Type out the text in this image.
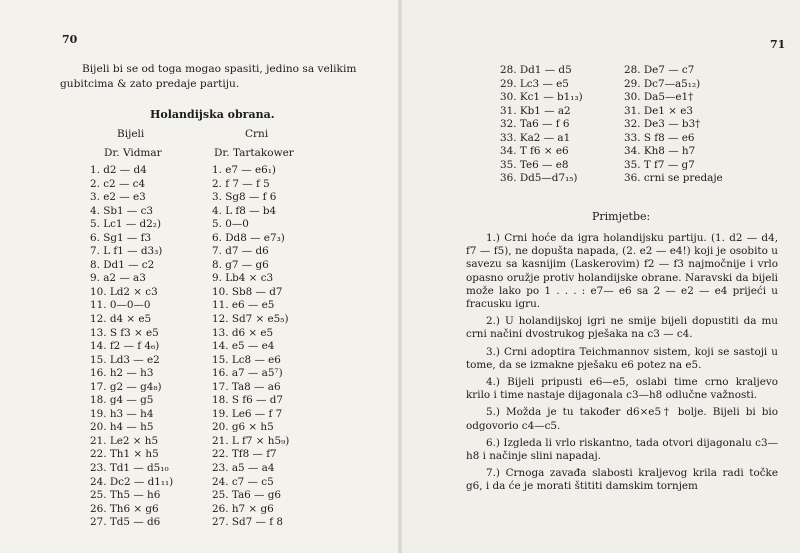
70

Bijeli bi se od toga mogao spasiti, jedino sa velikim gubitcima & zato predaje partiju.

Holandijska obrana.
Bijeli	Crni
Dr. Vidmar	Dr. Tartakower
1. d2 — d4
2. c2 — c4
3. e2 — e3
4. Sb1 — c3
5. Lc1 — d2₂)
6. Sg1 — f3
7. L f1 — d3₃)
8. Dd1 — c2
9. a2 — a3
10. Ld2 × c3
11. 0—0—0
12. d4 × e5
13. S f3 × e5
14. f2 — f 4₆)
15. Ld3 — e2
16. h2 — h3
17. g2 — g4₈)
18. g4 — g5
19. h3 — h4
20. h4 — h5
21. Le2 × h5
22. Th1 × h5
23. Td1 — d5₁₀
24. Dc2 — d1₁₁)
25. Th5 — h6
26. Th6 × g6
27. Td5 — d6
1. e7 — e6₁)
2. f 7 — f 5
3. Sg8 — f 6
4. L f8 — b4
5. 0—0
6. Dd8 — e7₃)
7. d7 — d6
8. g7 — g6
9. Lb4 × c3
10. Sb8 — d7
11. e6 — e5
12. Sd7 × e5₅)
13. d6 × e5
14. e5 — e4
15. Lc8 — e6
16. a7 — a5⁷)
17. Ta8 — a6
18. S f6 — d7
19. Le6 — f 7
20. g6 × h5
21. L f7 × h5₉)
22. Tf8 — f7
23. a5 — a4
24. c7 — c5
25. Ta6 — g6
26. h7 × g6
27. Sd7 — f 8
71
28. Dd1 — d5
29. Lc3 — e5
30. Kc1 — b1₁₃)
31. Kb1 — a2
32. Ta6 — f 6
33. Ka2 — a1
34. T f6 × e6
35. Te6 — e8
36. Dd5—d7₁₅)
28. De7 — c7
29. Dc7—a5₁₂)
30. Da5—e1†
31. De1 × e3
32. De3 — b3†
33. S f8 — e6
34. Kh8 — h7
35. T f7 — g7
36. crni se predaje
Primjetbe:

1.) Crni hoće da igra holandijsku partiju. (1. d2 — d4, f7 — f5), ne dopušta napada, (2. e2 — e4!) koji je osobito u savezu sa kasnijim (Laskerovim) f2 — f3 najmočnije i vrlo opasno oružje protiv holandijske obrane. Naravski da bijeli može lako po 1 . . . : e7— e6 sa 2 — e2 — e4 prijeći u fracusku igru.

2.) U holandijskoj igri ne smije bijeli dopustiti da mu crni načini dvostrukog pješaka na c3 — c4.

3.) Crni adoptira Teichmannov sistem, koji se sastoji u tome, da se izmakne pješaku e6 potez na e5.

4.) Bijeli pripusti e6—e5, oslabi time crno kraljevo krilo i time nastaje dijagonala c3—h8 odlučne važnosti.

5.) Možda je tu također d6×e5† bolje. Bijeli bi bio odgovorio c4—c5.

6.) Izgleda li vrlo riskantno, tada otvori dijagonalu c3—h8 i načinje slini napadaj.

7.) Crnoga zavađa slabosti kraljevog krila radi točke g6, i da će je morati štititi damskim tornjem
